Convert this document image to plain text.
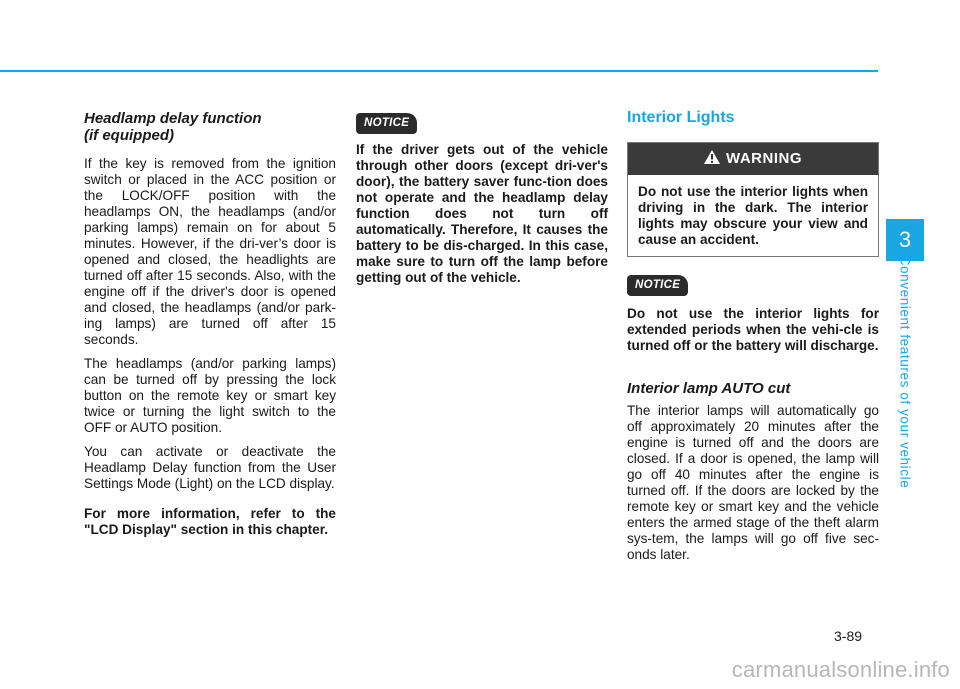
Headlamp delay function
(if equipped)

If the key is removed from the ignition switch or placed in the ACC position or the LOCK/OFF position with the headlamps ON, the headlamps (and/or parking lamps) remain on for about 5 minutes. However, if the dri-ver’s door is opened and closed, the headlights are turned off after 15 seconds. Also, with the engine off if the driver's door is opened and closed, the headlamps (and/or park-ing lamps) are turned off after 15 seconds.

The headlamps (and/or parking lamps) can be turned off by pressing the lock button on the remote key or smart key twice or turning the light switch to the OFF or AUTO position.

You can activate or deactivate the Headlamp Delay function from the User Settings Mode (Light) on the LCD display.

For more information, refer to the "LCD Display" section in this chapter.

NOTICE

If the driver gets out of the vehicle through other doors (except dri-ver's door), the battery saver func-tion does not operate and the headlamp delay function does not turn off automatically. Therefore, It causes the battery to be dis-charged. In this case, make sure to turn off the lamp before getting out of the vehicle.

Interior Lights
WARNING
Do not use the interior lights when driving in the dark. The interior lights may obscure your view and cause an accident.
NOTICE

Do not use the interior lights for extended periods when the vehi-cle is turned off or the battery will discharge.

Interior lamp AUTO cut

The interior lamps will automatically go off approximately 20 minutes after the engine is turned off and the doors are closed. If a door is opened, the lamp will go off 40 minutes after the engine is turned off. If the doors are locked by the remote key or smart key and the vehicle enters the armed stage of the theft alarm sys-tem, the lamps will go off five sec-onds later.

3
Convenient features of your vehicle
3-89
carmanualsonline.info
